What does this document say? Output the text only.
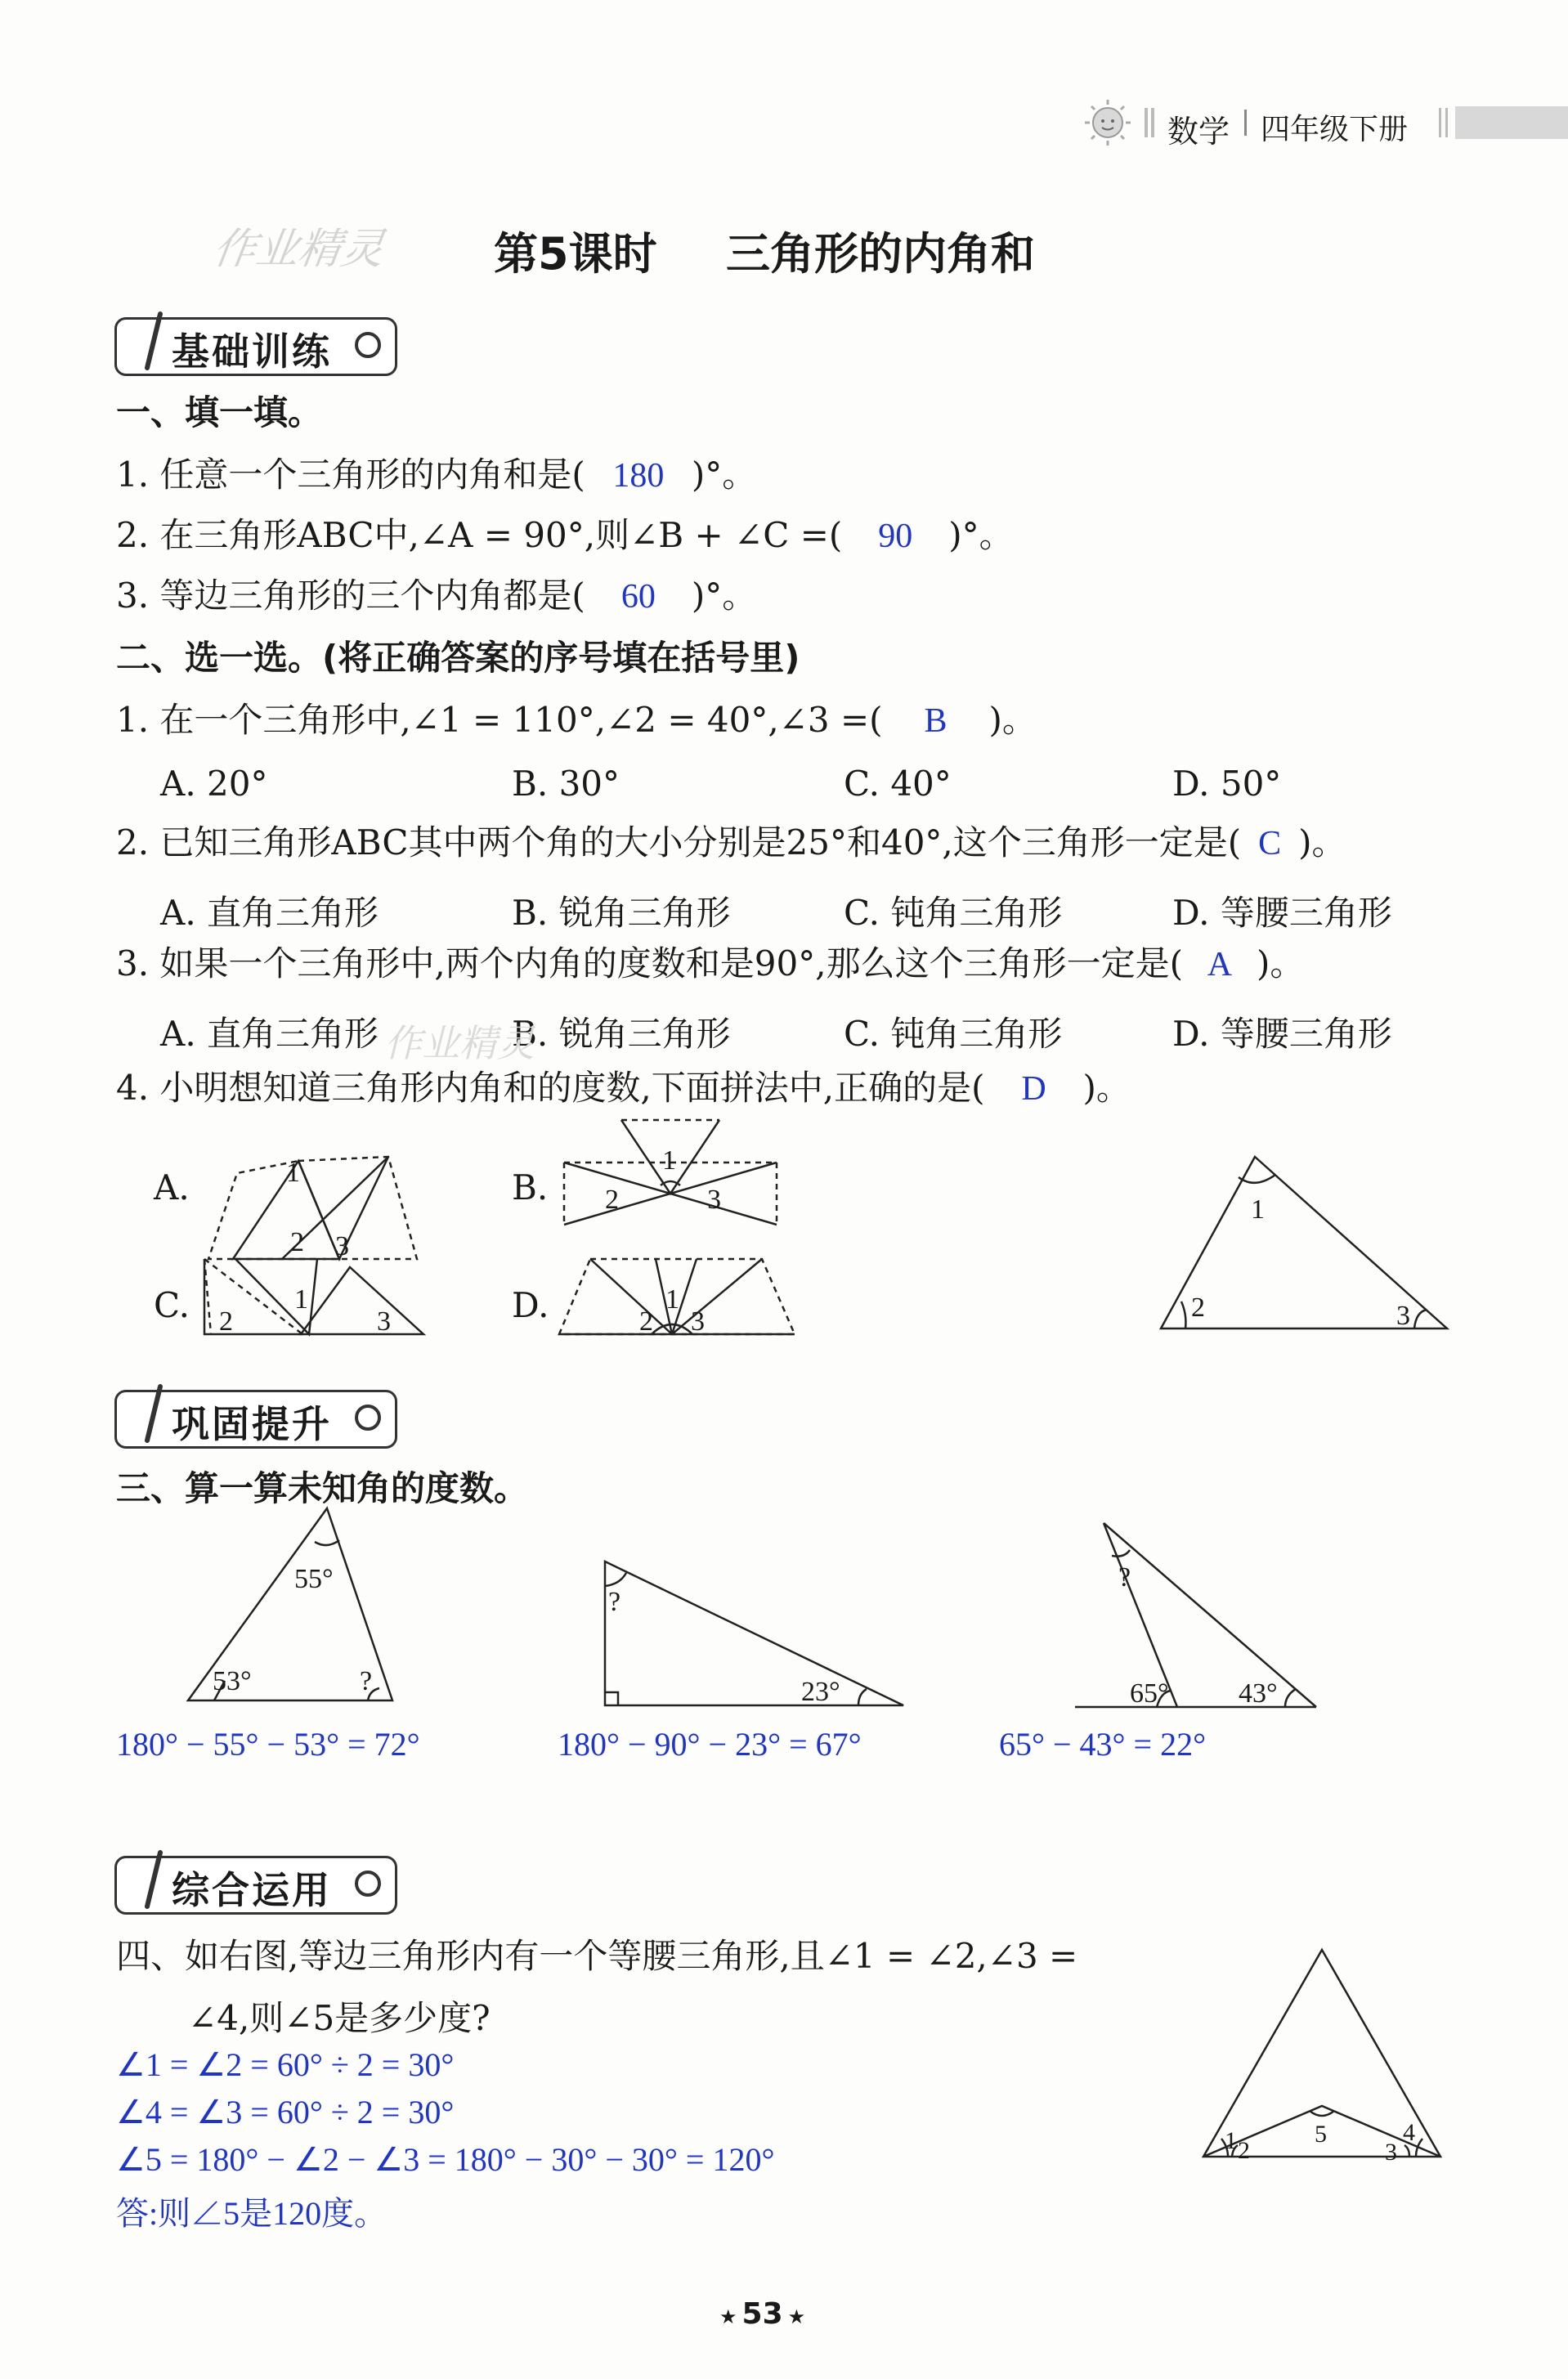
数学 四年级下册
作业精灵 第5课时 三角形的内角和
基础训练
一、填一填。
1. 任意一个三角形的内角和是( 180 )°。
2. 在三角形ABC中,∠A = 90°,则∠B + ∠C =( 90 )°。
3. 等边三角形的三个内角都是( 60 )°。
二、选一选。(将正确答案的序号填在括号里)
1. 在一个三角形中,∠1 = 110°,∠2 = 40°,∠3 =( B )。
A. 20°	B. 30°	C. 40°	D. 50°
2. 已知三角形ABC其中两个角的大小分别是25°和40°,这个三角形一定是( C )。
A. 直角三角形	B. 锐角三角形	C. 钝角三角形	D. 等腰三角形
3. 如果一个三角形中,两个内角的度数和是90°,那么这个三角形一定是( A )。
A. 直角三角形	B. 锐角三角形	C. 钝角三角形	D. 等腰三角形
作业精灵
4. 小明想知道三角形内角和的度数,下面拼法中,正确的是( D )。
A.	B.
C.	D.
2
1
3
1
2	3
2
1
3
1
2 3
1
2	3
巩固提升
三、算一算未知角的度数。
55°
53°	?
180° − 55° − 53° = 72°
?
23°
180° − 90° − 23° = 67°
?
65°	43°
65° − 43° = 22°
综合运用
四、如右图,等边三角形内有一个等腰三角形,且∠1 = ∠2,∠3 =
∠4,则∠5是多少度?
∠1 = ∠2 = 60° ÷ 2 = 30°
∠4 = ∠3 = 60° ÷ 2 = 30°
∠5 = 180° − ∠2 − ∠3 = 180° − 30° − 30° = 120°
答:则∠5是120度。
1 2	3
4
5
★ 53 ★
